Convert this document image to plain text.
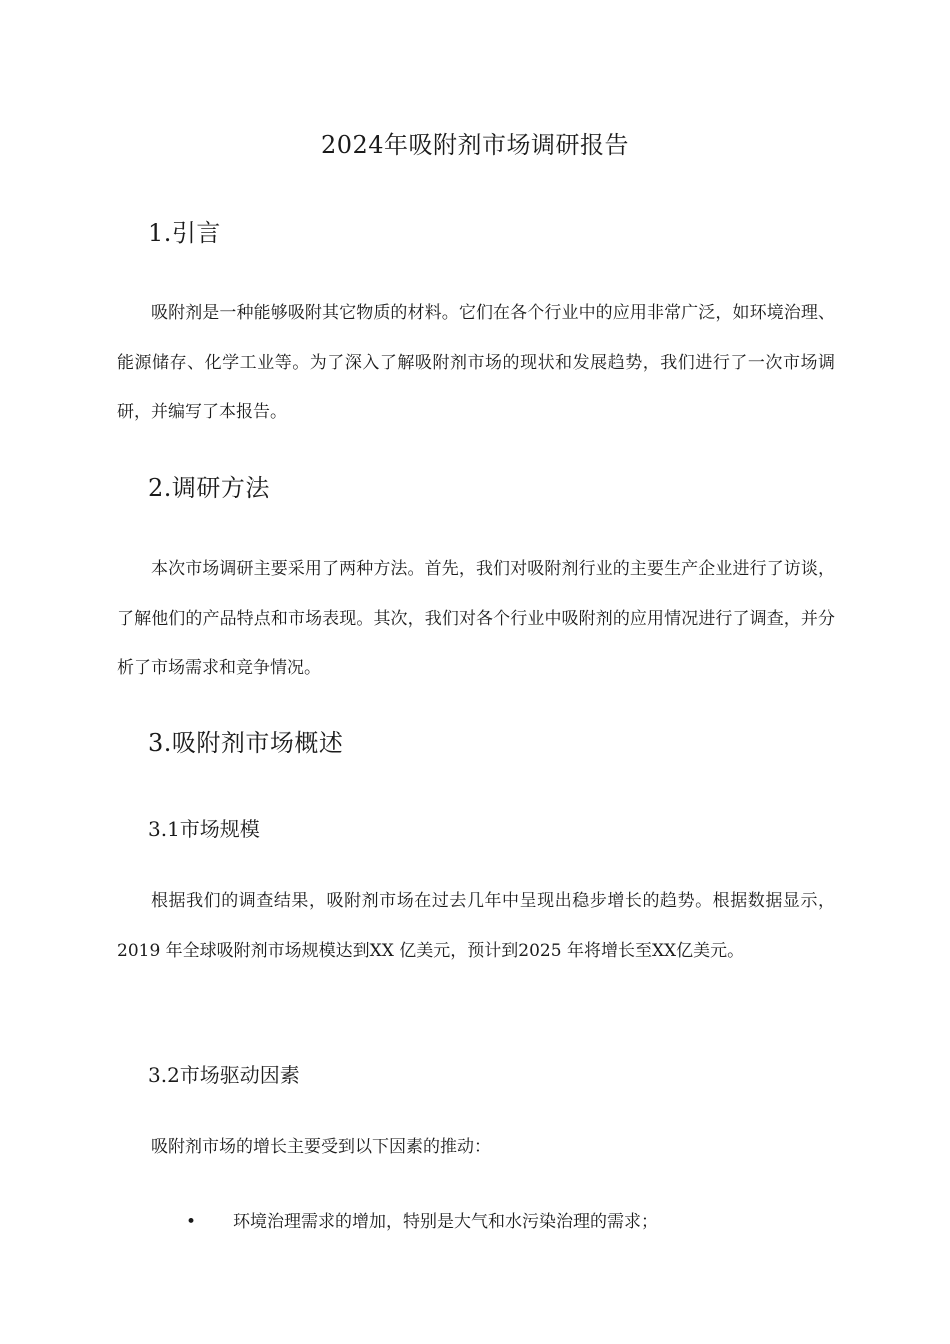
2024年吸附剂市场调研报告
1.引言

吸附剂是一种能够吸附其它物质的材料。它们在各个行业中的应用非常广泛，如环境治理、能源储存、化学工业等。为了深入了解吸附剂市场的现状和发展趋势，我们进行了一次市场调研，并编写了本报告。

2.调研方法

本次市场调研主要采用了两种方法。首先，我们对吸附剂行业的主要生产企业进行了访谈，了解他们的产品特点和市场表现。其次，我们对各个行业中吸附剂的应用情况进行了调查，并分析了市场需求和竞争情况。

3.吸附剂市场概述
3.1市场规模

根据我们的调查结果，吸附剂市场在过去几年中呈现出稳步增长的趋势。根据数据显示，2019 年全球吸附剂市场规模达到XX 亿美元，预计到2025 年将增长至XX亿美元。

3.2市场驱动因素

吸附剂市场的增长主要受到以下因素的推动：

• 环境治理需求的增加，特别是大气和水污染治理的需求；
